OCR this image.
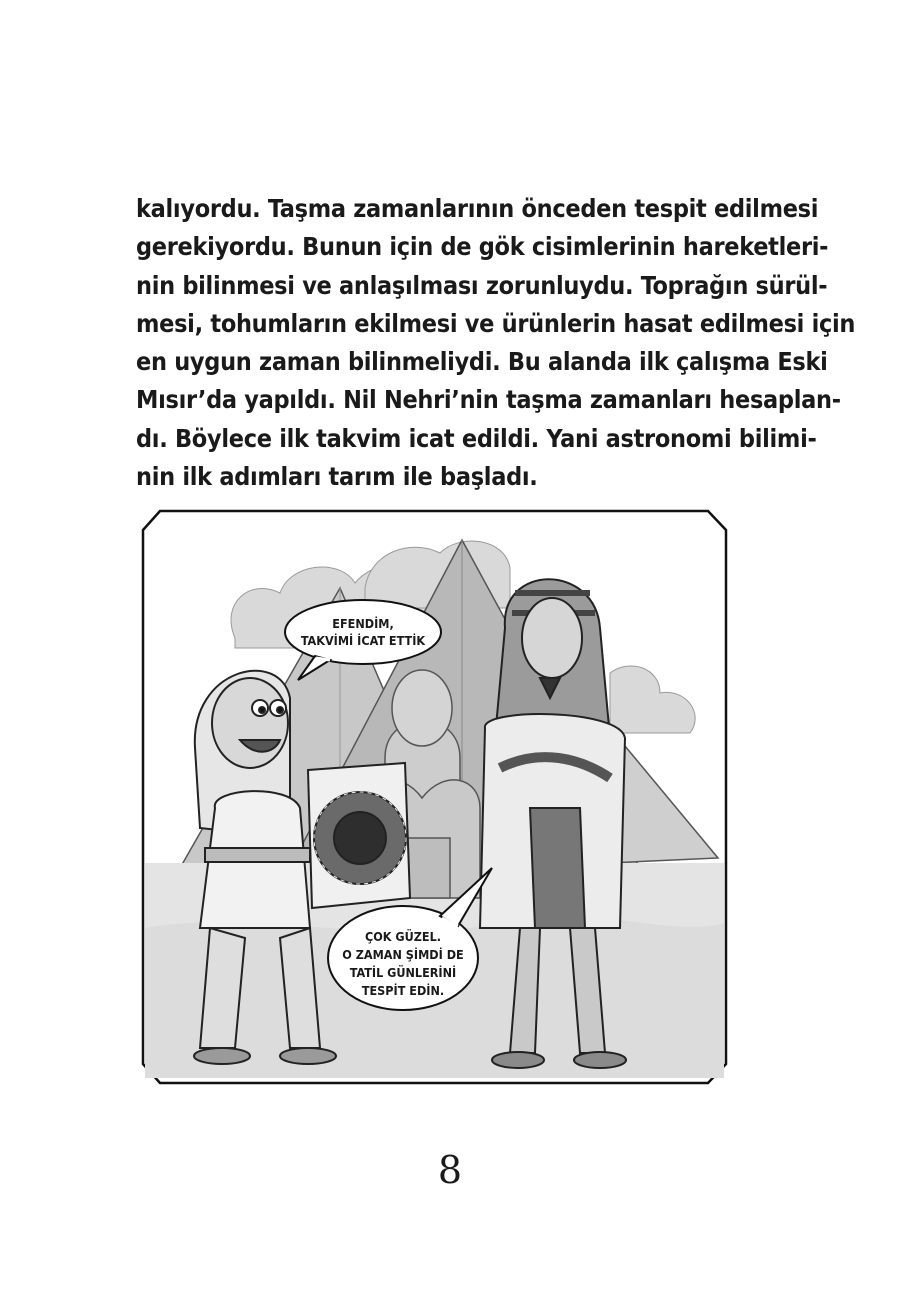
kalıyordu. Taşma zamanlarının önceden tespit edilmesi
gerekiyordu. Bunun için de gök cisimlerinin hareketleri-
nin bilinmesi ve anlaşılması zorunluydu. Toprağın sürül-
mesi, tohumların ekilmesi ve ürünlerin hasat edilmesi için
en uygun zaman bilinmeliydi. Bu alanda ilk çalışma Eski
Mısır’da yapıldı. Nil Nehri’nin taşma zamanları hesaplan-
dı. Böylece ilk takvim icat edildi. Yani astronomi bilimi-
nin ilk adımları tarım ile başladı.
EFENDİM,
TAKVİMİ İCAT ETTİK
ÇOK GÜZEL.
O ZAMAN ŞİMDİ DE
TATİL GÜNLERİNİ
TESPİT EDİN.
8
